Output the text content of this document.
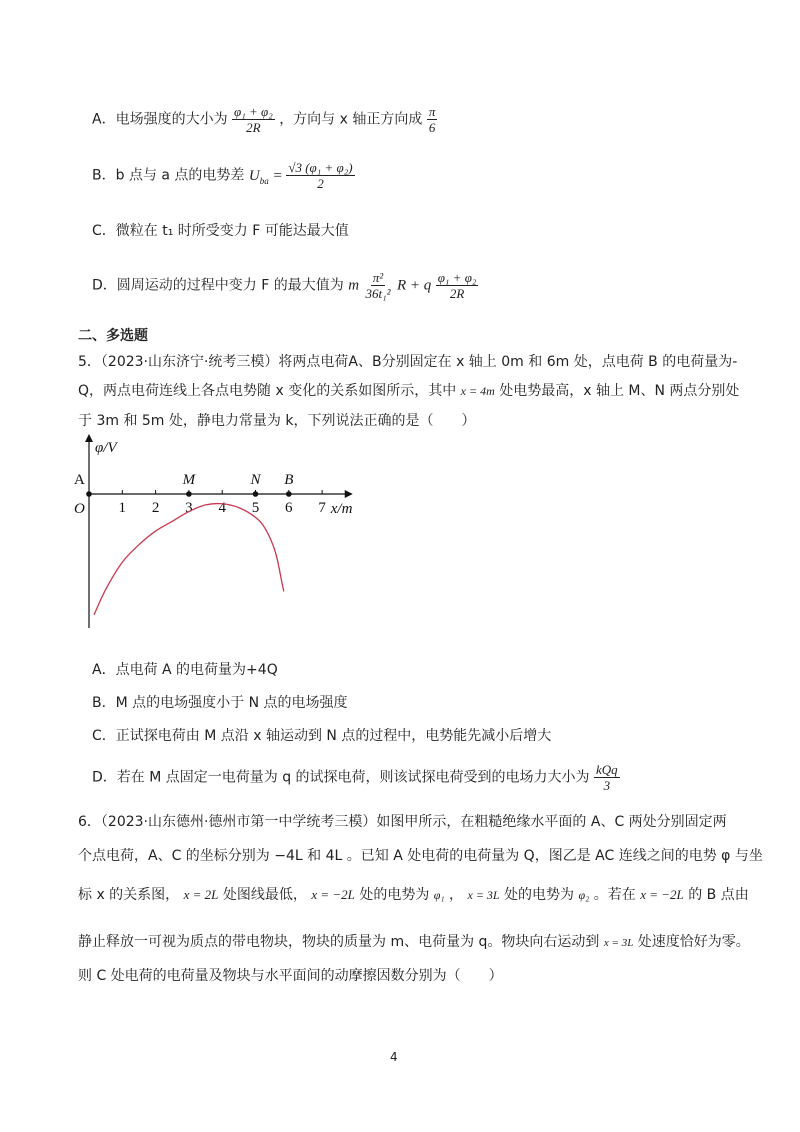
A．电场强度的大小为 $\frac{\text{φ₁ + φ₂}}{2R}$ ，方向与 x 轴正方向成 $\frac{\pi}{6}$
B．b 点与 a 点的电势差 $U_{ba} = \frac{\text{√3 (φ₁ + φ₂)}}{2}$
C．微粒在 t₁ 时所受变力 F 可能达最大值
D．圆周运动的过程中变力 F 的最大值为 m $\frac{\text{π²}}{\text{36t₁²}}$ R + q $\frac{\text{φ₁ + φ₂}}{2R}$
二、多选题
5．（2023·山东济宁·统考三模）将两点电荷A、B分别固定在 x 轴上 0m 和 6m 处，点电荷 B 的电荷量为-
Q，两点电荷连线上各点电势随 x 变化的关系如图所示，其中 x = 4m 处电势最高，x 轴上 M、N 两点分别处
于 3m 和 5m 处，静电力常量为 k，下列说法正确的是（　　）
1 2 3 4 5 6 7 x/m
φ/V
O
A	M	N B
A．点电荷 A 的电荷量为+4Q
B．M 点的电场强度小于 N 点的电场强度
C．正试探电荷由 M 点沿 x 轴运动到 N 点的过程中，电势能先减小后增大
D．若在 M 点固定一电荷量为 q 的试探电荷，则该试探电荷受到的电场力大小为 $\frac{\text{kQq}}{3}$
6．（2023·山东德州·德州市第一中学统考三模）如图甲所示，在粗糙绝缘水平面的 A、C 两处分别固定两
个点电荷，A、C 的坐标分别为 −4L 和 4L 。已知 A 处电荷的电荷量为 Q，图乙是 AC 连线之间的电势 φ 与坐
标 x 的关系图， x = 2L 处图线最低， x = −2L 处的电势为 φ₁ ， x = 3L 处的电势为 φ₂ 。若在 x = −2L 的 B 点由
静止释放一可视为质点的带电物块，物块的质量为 m、电荷量为 q。物块向右运动到 x = 3L 处速度恰好为零。
则 C 处电荷的电荷量及物块与水平面间的动摩擦因数分别为（　　）
4
